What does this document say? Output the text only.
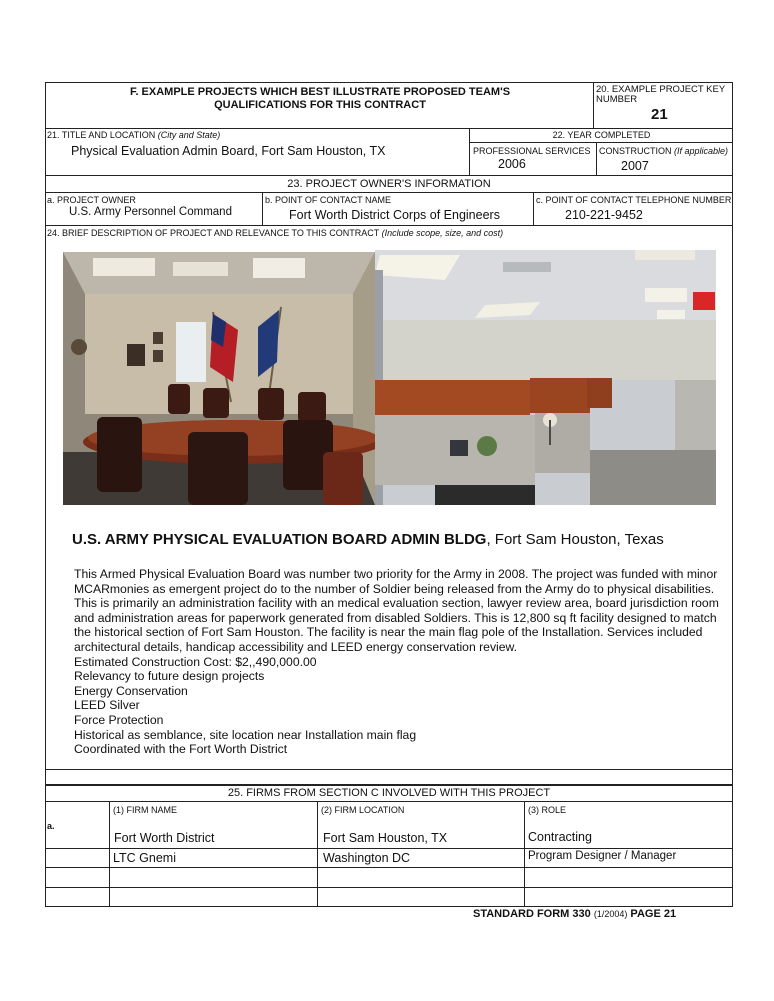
F. EXAMPLE PROJECTS WHICH BEST ILLUSTRATE PROPOSED TEAM'S
QUALIFICATIONS FOR THIS CONTRACT
20. EXAMPLE PROJECT KEY
NUMBER
21
21. TITLE AND LOCATION (City and State)
Physical Evaluation Admin Board, Fort Sam Houston, TX
22. YEAR COMPLETED
PROFESSIONAL SERVICES
2006
CONSTRUCTION (If applicable)
2007
23. PROJECT OWNER'S INFORMATION
a. PROJECT OWNER
U.S. Army Personnel Command
b. POINT OF CONTACT NAME
Fort Worth District Corps of Engineers
c. POINT OF CONTACT TELEPHONE NUMBER
210-221-9452
24. BRIEF DESCRIPTION OF PROJECT AND RELEVANCE TO THIS CONTRACT (Include scope, size, and cost)
U.S. ARMY PHYSICAL EVALUATION BOARD ADMIN BLDG, Fort Sam Houston, Texas
This Armed Physical Evaluation Board was number two priority for the Army in 2008. The project was funded with minor MCARmonies as emergent project do to the number of Soldier being released from the Army do to physical disabilities. This is primarily an administration facility with an medical evaluation section, lawyer review area, board jurisdiction room and administration areas for paperwork generated from disabled Soldiers. This is 12,800 sq ft facility designed to match the historical section of Fort Sam Houston. The facility is near the main flag pole of the Installation. Services included architectural details, handicap accessibility and LEED energy conservation review.
Estimated Construction Cost: $2,,490,000.00
Relevancy to future design projects
Energy Conservation
LEED Silver
Force Protection
Historical as semblance, site location near Installation main flag
Coordinated with the Fort Worth District
25. FIRMS FROM SECTION C INVOLVED WITH THIS PROJECT
(1) FIRM NAME	(2) FIRM LOCATION	(3) ROLE
a.
Fort Worth District	Fort Sam Houston, TX	Contracting
LTC Gnemi	Washington DC	Program Designer / Manager
STANDARD FORM 330 (1/2004) PAGE 21
